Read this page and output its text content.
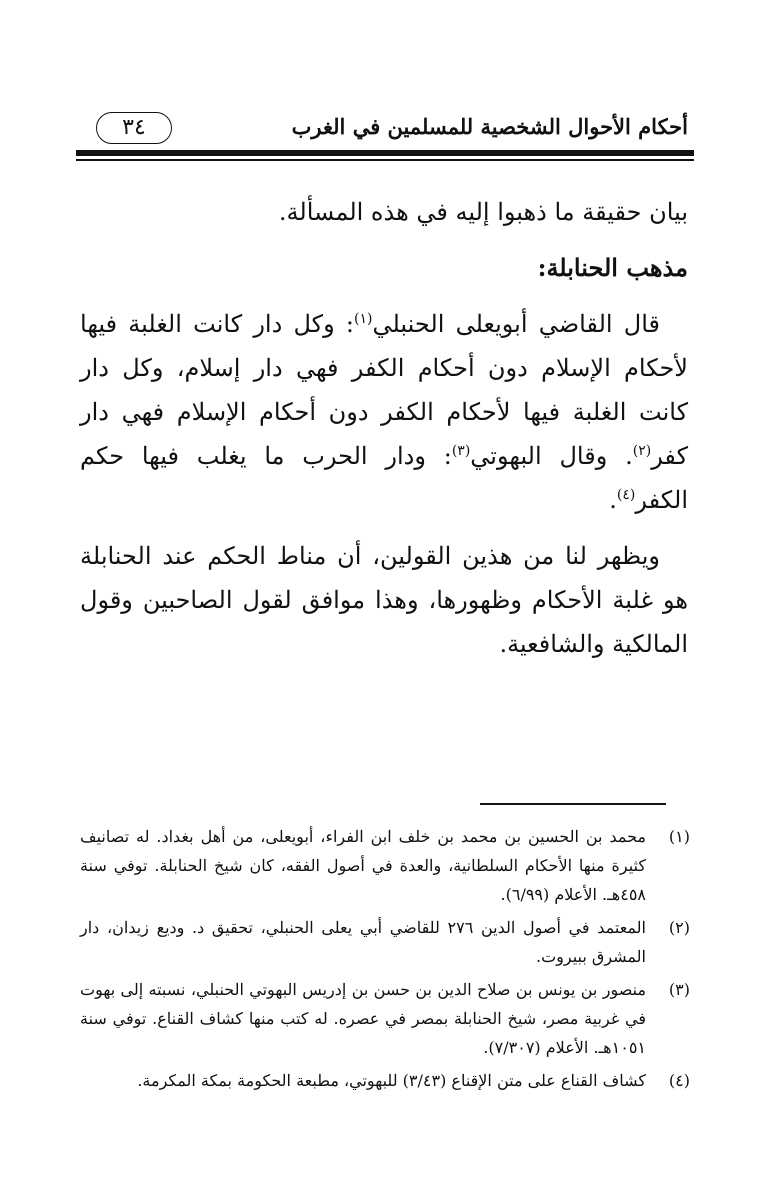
٣٤	أحكام الأحوال الشخصية للمسلمين في الغرب

بيان حقيقة ما ذهبوا إليه في هذه المسألة.

مذهب الحنابلة:

قال القاضي أبويعلى الحنبلي$^{(١)}$: وكل دار كانت الغلبة فيها لأحكام الإسلام دون أحكام الكفر فهي دار إسلام، وكل دار كانت الغلبة فيها لأحكام الكفر دون أحكام الإسلام فهي دار كفر$^{(٢)}$. وقال البهوتي$^{(٣)}$: ودار الحرب ما يغلب فيها حكم الكفر$^{(٤)}$.

ويظهر لنا من هذين القولين، أن مناط الحكم عند الحنابلة هو غلبة الأحكام وظهورها، وهذا موافق لقول الصاحبين وقول المالكية والشافعية.

(١)
محمد بن الحسين بن محمد بن خلف ابن الفراء، أبويعلى، من أهل بغداد. له تصانيف كثيرة منها الأحكام السلطانية، والعدة في أصول الفقه، كان شيخ الحنابلة. توفي سنة ٤٥٨هـ. الأعلام (٦/٩٩).
(٢)
المعتمد في أصول الدين ٢٧٦ للقاضي أبي يعلى الحنبلي، تحقيق د. وديع زيدان، دار المشرق ببيروت.
(٣)
منصور بن يونس بن صلاح الدين بن حسن بن إدريس البهوتي الحنبلي، نسبته إلى بهوت في غربية مصر، شيخ الحنابلة بمصر في عصره. له كتب منها كشاف القناع. توفي سنة ١٠٥١هـ. الأعلام (٧/٣٠٧).
(٤)
كشاف القناع على متن الإقناع (٣/٤٣) للبهوتي، مطبعة الحكومة بمكة المكرمة.
